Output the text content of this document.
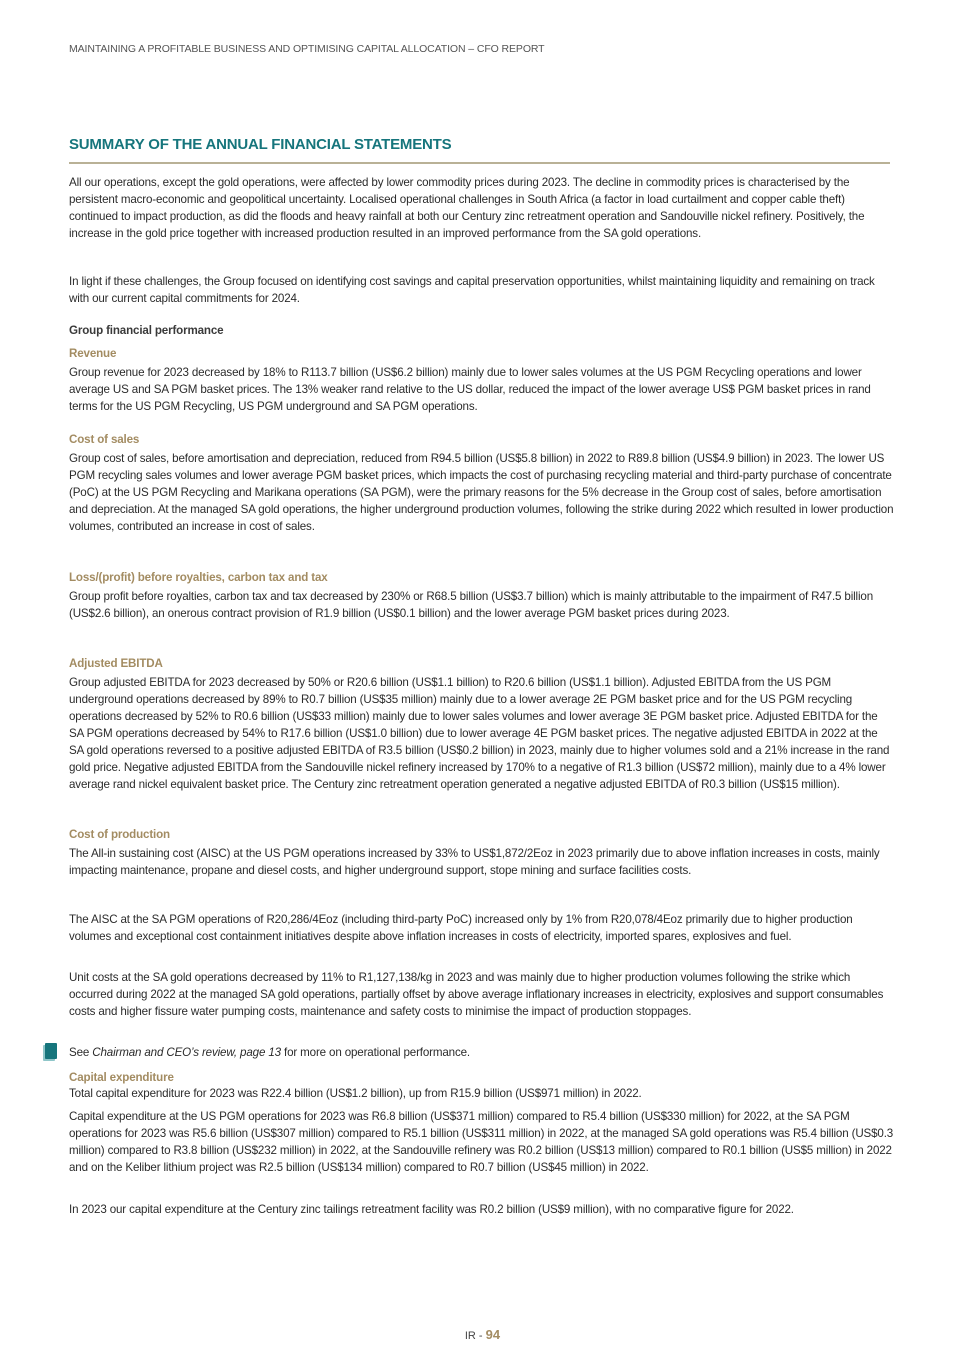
MAINTAINING A PROFITABLE BUSINESS AND OPTIMISING CAPITAL ALLOCATION – CFO REPORT
SUMMARY OF THE ANNUAL FINANCIAL STATEMENTS

All our operations, except the gold operations, were affected by lower commodity prices during 2023. The decline in commodity prices is characterised by the persistent macro-economic and geopolitical uncertainty. Localised operational challenges in South Africa (a factor in load curtailment and copper cable theft) continued to impact production, as did the floods and heavy rainfall at both our Century zinc retreatment operation and Sandouville nickel refinery. Positively, the increase in the gold price together with increased production resulted in an improved performance from the SA gold operations.

In light if these challenges, the Group focused on identifying cost savings and capital preservation opportunities, whilst maintaining liquidity and remaining on track with our current capital commitments for 2024.

Group financial performance

Revenue

Group revenue for 2023 decreased by 18% to R113.7 billion (US$6.2 billion) mainly due to lower sales volumes at the US PGM Recycling operations and lower average US and SA PGM basket prices. The 13% weaker rand relative to the US dollar, reduced the impact of the lower average US$ PGM basket prices in rand terms for the US PGM Recycling, US PGM underground and SA PGM operations.

Cost of sales

Group cost of sales, before amortisation and depreciation, reduced from R94.5 billion (US$5.8 billion) in 2022 to R89.8 billion (US$4.9 billion) in 2023. The lower US PGM recycling sales volumes and lower average PGM basket prices, which impacts the cost of purchasing recycling material and third-party purchase of concentrate (PoC) at the US PGM Recycling and Marikana operations (SA PGM), were the primary reasons for the 5% decrease in the Group cost of sales, before amortisation and depreciation. At the managed SA gold operations, the higher underground production volumes, following the strike during 2022 which resulted in lower production volumes, contributed an increase in cost of sales.

Loss/(profit) before royalties, carbon tax and tax

Group profit before royalties, carbon tax and tax decreased by 230% or R68.5 billion (US$3.7 billion) which is mainly attributable to the impairment of R47.5 billion (US$2.6 billion), an onerous contract provision of R1.9 billion (US$0.1 billion) and the lower average PGM basket prices during 2023.

Adjusted EBITDA

Group adjusted EBITDA for 2023 decreased by 50% or R20.6 billion (US$1.1 billion) to R20.6 billion (US$1.1 billion). Adjusted EBITDA from the US PGM underground operations decreased by 89% to R0.7 billion (US$35 million) mainly due to a lower average 2E PGM basket price and for the US PGM recycling operations decreased by 52% to R0.6 billion (US$33 million) mainly due to lower sales volumes and lower average 3E PGM basket price. Adjusted EBITDA for the SA PGM operations decreased by 54% to R17.6 billion (US$1.0 billion) due to lower average 4E PGM basket prices. The negative adjusted EBITDA in 2022 at the SA gold operations reversed to a positive adjusted EBITDA of R3.5 billion (US$0.2 billion) in 2023, mainly due to higher volumes sold and a 21% increase in the rand gold price. Negative adjusted EBITDA from the Sandouville nickel refinery increased by 170% to a negative of R1.3 billion (US$72 million), mainly due to a 4% lower average rand nickel equivalent basket price. The Century zinc retreatment operation generated a negative adjusted EBITDA of R0.3 billion (US$15 million).

Cost of production

The All-in sustaining cost (AISC) at the US PGM operations increased by 33% to US$1,872/2Eoz in 2023 primarily due to above inflation increases in costs, mainly impacting maintenance, propane and diesel costs, and higher underground support, stope mining and surface facilities costs.

The AISC at the SA PGM operations of R20,286/4Eoz (including third-party PoC) increased only by 1% from R20,078/4Eoz primarily due to higher production volumes and exceptional cost containment initiatives despite above inflation increases in costs of electricity, imported spares, explosives and fuel.

Unit costs at the SA gold operations decreased by 11% to R1,127,138/kg in 2023 and was mainly due to higher production volumes following the strike which occurred during 2022 at the managed SA gold operations, partially offset by above average inflationary increases in electricity, explosives and support consumables costs and higher fissure water pumping costs, maintenance and safety costs to minimise the impact of production stoppages.

See Chairman and CEO’s review, page 13 for more on operational performance.

Capital expenditure

Total capital expenditure for 2023 was R22.4 billion (US$1.2 billion), up from R15.9 billion (US$971 million) in 2022.

Capital expenditure at the US PGM operations for 2023 was R6.8 billion (US$371 million) compared to R5.4 billion (US$330 million) for 2022, at the SA PGM operations for 2023 was R5.6 billion (US$307 million) compared to R5.1 billion (US$311 million) in 2022, at the managed SA gold operations was R5.4 billion (US$0.3 million) compared to R3.8 billion (US$232 million) in 2022, at the Sandouville refinery was R0.2 billion (US$13 million) compared to R0.1 billion (US$5 million) in 2022 and on the Keliber lithium project was R2.5 billion (US$134 million) compared to R0.7 billion (US$45 million) in 2022.

In 2023 our capital expenditure at the Century zinc tailings retreatment facility was R0.2 billion (US$9 million), with no comparative figure for 2022.

IR - 94
